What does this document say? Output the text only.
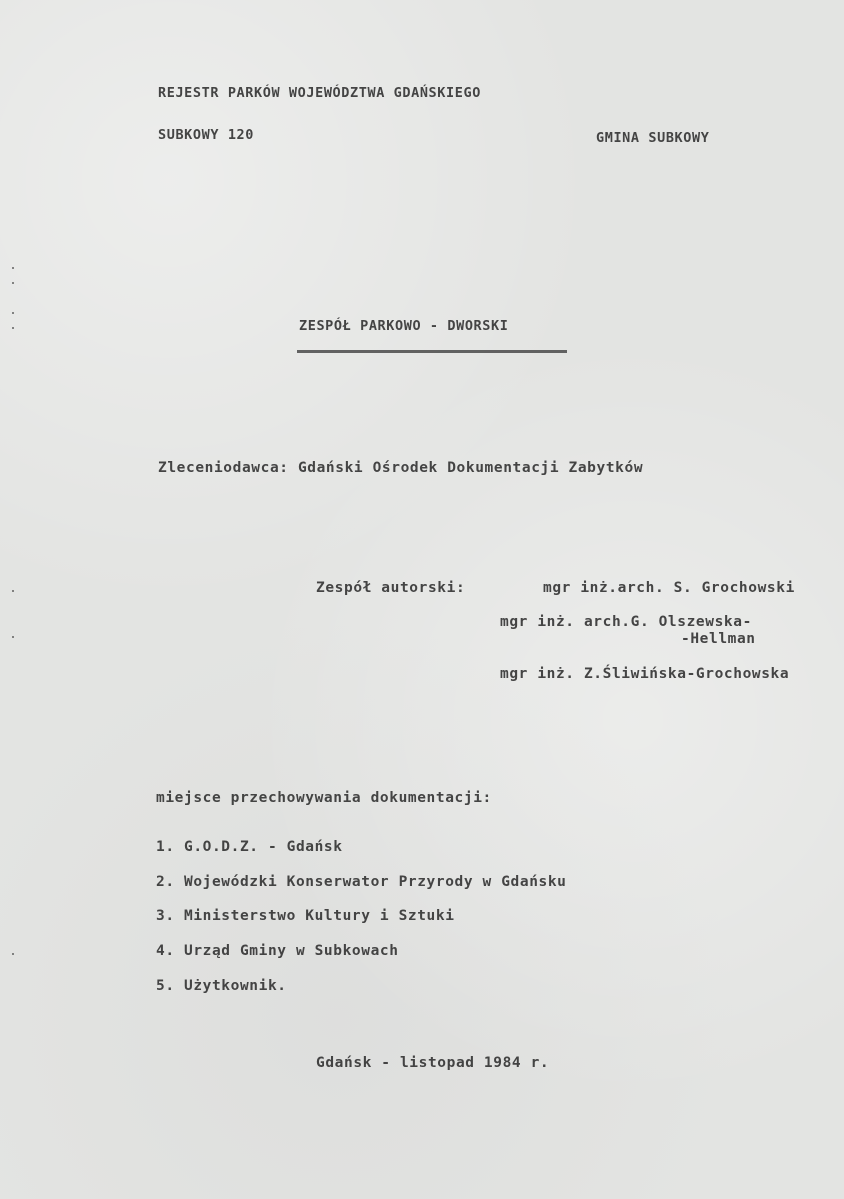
REJESTR PARKÓW WOJEWÓDZTWA GDAŃSKIEGO
SUBKOWY 120	GMINA SUBKOWY
ZESPÓŁ PARKOWO - DWORSKI
Zleceniodawca: Gdański Ośrodek Dokumentacji Zabytków
Zespół autorski:	mgr inż.arch. S. Grochowski
mgr inż. arch.G. Olszewska-
-Hellman
mgr inż. Z.Śliwińska-Grochowska
miejsce przechowywania dokumentacji:
1. G.O.D.Z. - Gdańsk
2. Wojewódzki Konserwator Przyrody w Gdańsku
3. Ministerstwo Kultury i Sztuki
4. Urząd Gminy w Subkowach
5. Użytkownik.
Gdańsk - listopad 1984 r.
